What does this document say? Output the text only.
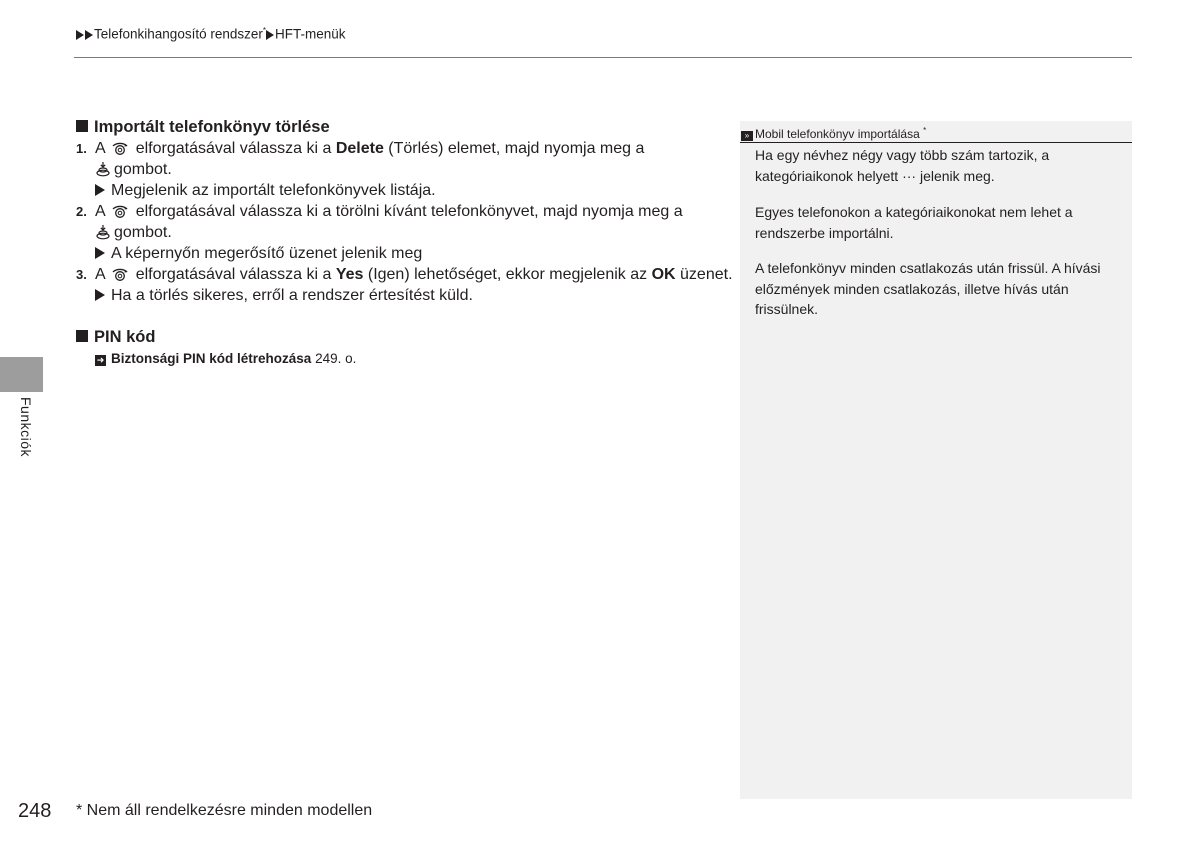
Telefonkihangosító rendszer* HFT-menük
Importált telefonkönyv törlése
1. A elforgatásával válassza ki a Delete (Törlés) elemet, majd nyomja meg a
gombot.
Megjelenik az importált telefonkönyvek listája.
2. A elforgatásával válassza ki a törölni kívánt telefonkönyvet, majd nyomja meg a
gombot.
A képernyőn megerősítő üzenet jelenik meg
3. A elforgatásával válassza ki a Yes (Igen) lehetőséget, ekkor megjelenik az OK üzenet.
Ha a törlés sikeres, erről a rendszer értesítést küld.
PIN kód
➜ Biztonsági PIN kód létrehozása 249. o.
» Mobil telefonkönyv importálása *

Ha egy névhez négy vagy több szám tartozik, a
kategóriaikonok helyett ··· jelenik meg.

Egyes telefonokon a kategóriaikonokat nem lehet a
rendszerbe importálni.

A telefonkönyv minden csatlakozás után frissül. A hívási
előzmények minden csatlakozás, illetve hívás után
frissülnek.

Funkciók
248 * Nem áll rendelkezésre minden modellen
